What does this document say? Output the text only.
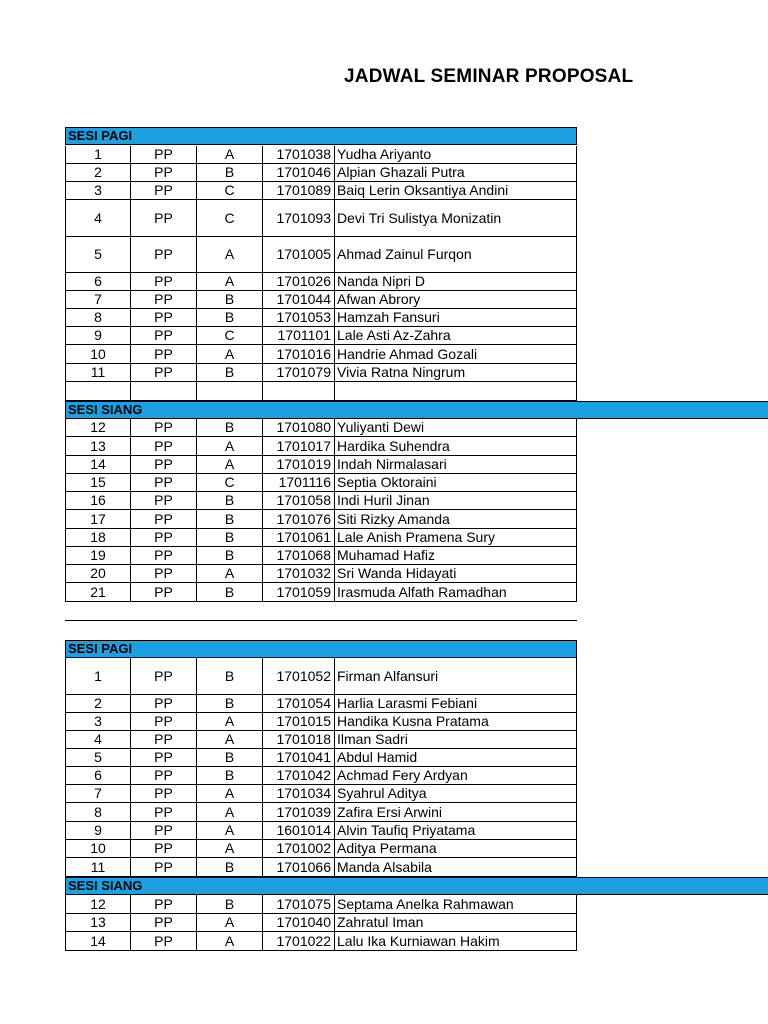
JADWAL SEMINAR PROPOSAL
SESI PAGI
1	PP	A	1701038 Yudha Ariyanto
2	PP	B	1701046 Alpian Ghazali Putra
3	PP	C	1701089 Baiq Lerin Oksantiya Andini
4	PP	C	1701093 Devi Tri Sulistya Monizatin
5	PP	A	1701005 Ahmad Zainul Furqon
6	PP	A	1701026 Nanda Nipri D
7	PP	B	1701044 Afwan Abrory
8	PP	B	1701053 Hamzah Fansuri
9	PP	C	1701101 Lale Asti Az-Zahra
10	PP	A	1701016 Handrie Ahmad Gozali
11	PP	B	1701079 Vivia Ratna Ningrum
SESI SIANG
12	PP	B	1701080 Yuliyanti Dewi
13	PP	A	1701017 Hardika Suhendra
14	PP	A	1701019 Indah Nirmalasari
15	PP	C	1701116 Septia Oktoraini
16	PP	B	1701058 Indi Huril Jinan
17	PP	B	1701076 Siti Rizky Amanda
18	PP	B	1701061 Lale Anish Pramena Sury
19	PP	B	1701068 Muhamad Hafiz
20	PP	A	1701032 Sri Wanda Hidayati
21	PP	B	1701059 Irasmuda Alfath Ramadhan
SESI PAGI
1	PP	B	1701052 Firman Alfansuri
2	PP	B	1701054 Harlia Larasmi Febiani
3	PP	A	1701015 Handika Kusna Pratama
4	PP	A	1701018 Ilman Sadri
5	PP	B	1701041 Abdul Hamid
6	PP	B	1701042 Achmad Fery Ardyan
7	PP	A	1701034 Syahrul Aditya
8	PP	A	1701039 Zafira Ersi Arwini
9	PP	A	1601014 Alvin Taufiq Priyatama
10	PP	A	1701002 Aditya Permana
11	PP	B	1701066 Manda Alsabila
SESI SIANG
12	PP	B	1701075 Septama Anelka Rahmawan
13	PP	A	1701040 Zahratul Iman
14	PP	A	1701022 Lalu Ika Kurniawan Hakim
